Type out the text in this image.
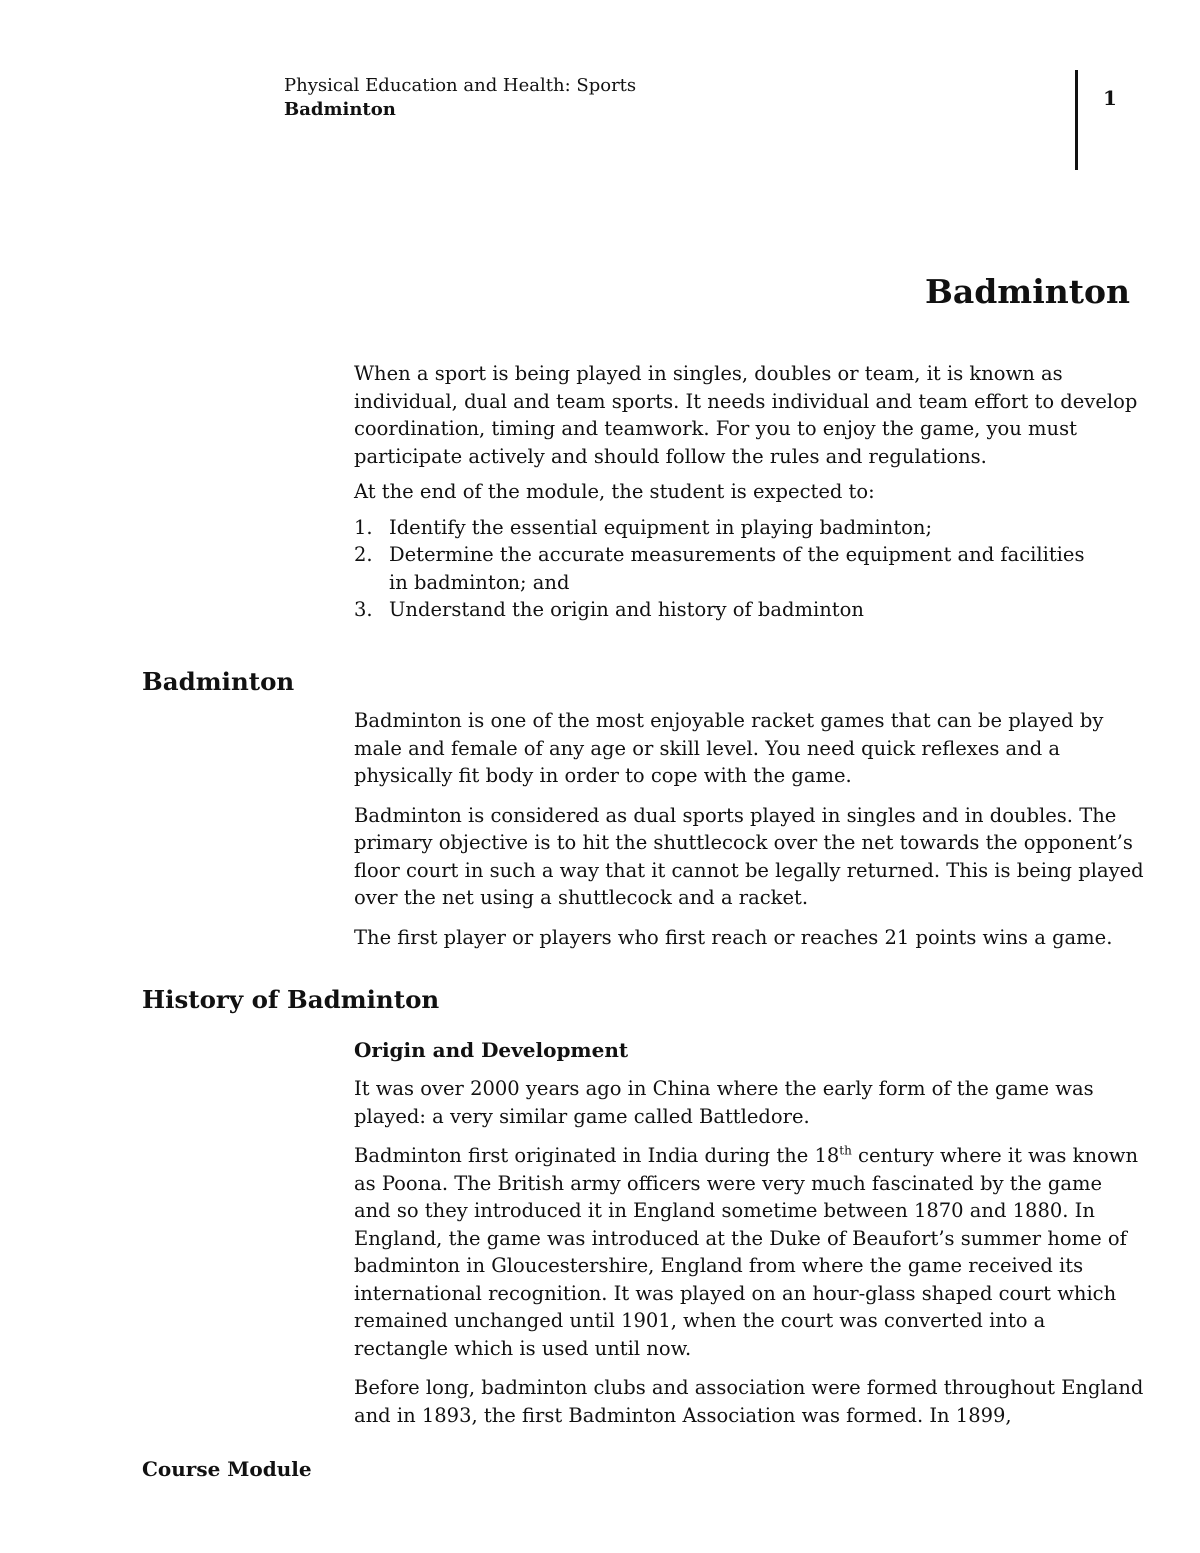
Physical Education and Health: Sports
Badminton	1
Badminton

When a sport is being played in singles, doubles or team, it is known as individual, dual and team sports. It needs individual and team effort to develop coordination, timing and teamwork. For you to enjoy the game, you must participate actively and should follow the rules and regulations.

At the end of the module, the student is expected to:

1. Identify the essential equipment in playing badminton;
2. Determine the accurate measurements of the equipment and facilities in badminton; and
3. Understand the origin and history of badminton
Badminton

Badminton is one of the most enjoyable racket games that can be played by male and female of any age or skill level. You need quick reflexes and a physically fit body in order to cope with the game.

Badminton is considered as dual sports played in singles and in doubles. The primary objective is to hit the shuttlecock over the net towards the opponent’s floor court in such a way that it cannot be legally returned. This is being played over the net using a shuttlecock and a racket.

The first player or players who first reach or reaches 21 points wins a game.

History of Badminton
Origin and Development

It was over 2000 years ago in China where the early form of the game was played: a very similar game called Battledore.

Badminton first originated in India during the 18th century where it was known as Poona. The British army officers were very much fascinated by the game and so they introduced it in England sometime between 1870 and 1880. In England, the game was introduced at the Duke of Beaufort’s summer home of badminton in Gloucestershire, England from where the game received its international recognition. It was played on an hour-glass shaped court which remained unchanged until 1901, when the court was converted into a rectangle which is used until now.

Before long, badminton clubs and association were formed throughout England and in 1893, the first Badminton Association was formed. In 1899,

Course Module
